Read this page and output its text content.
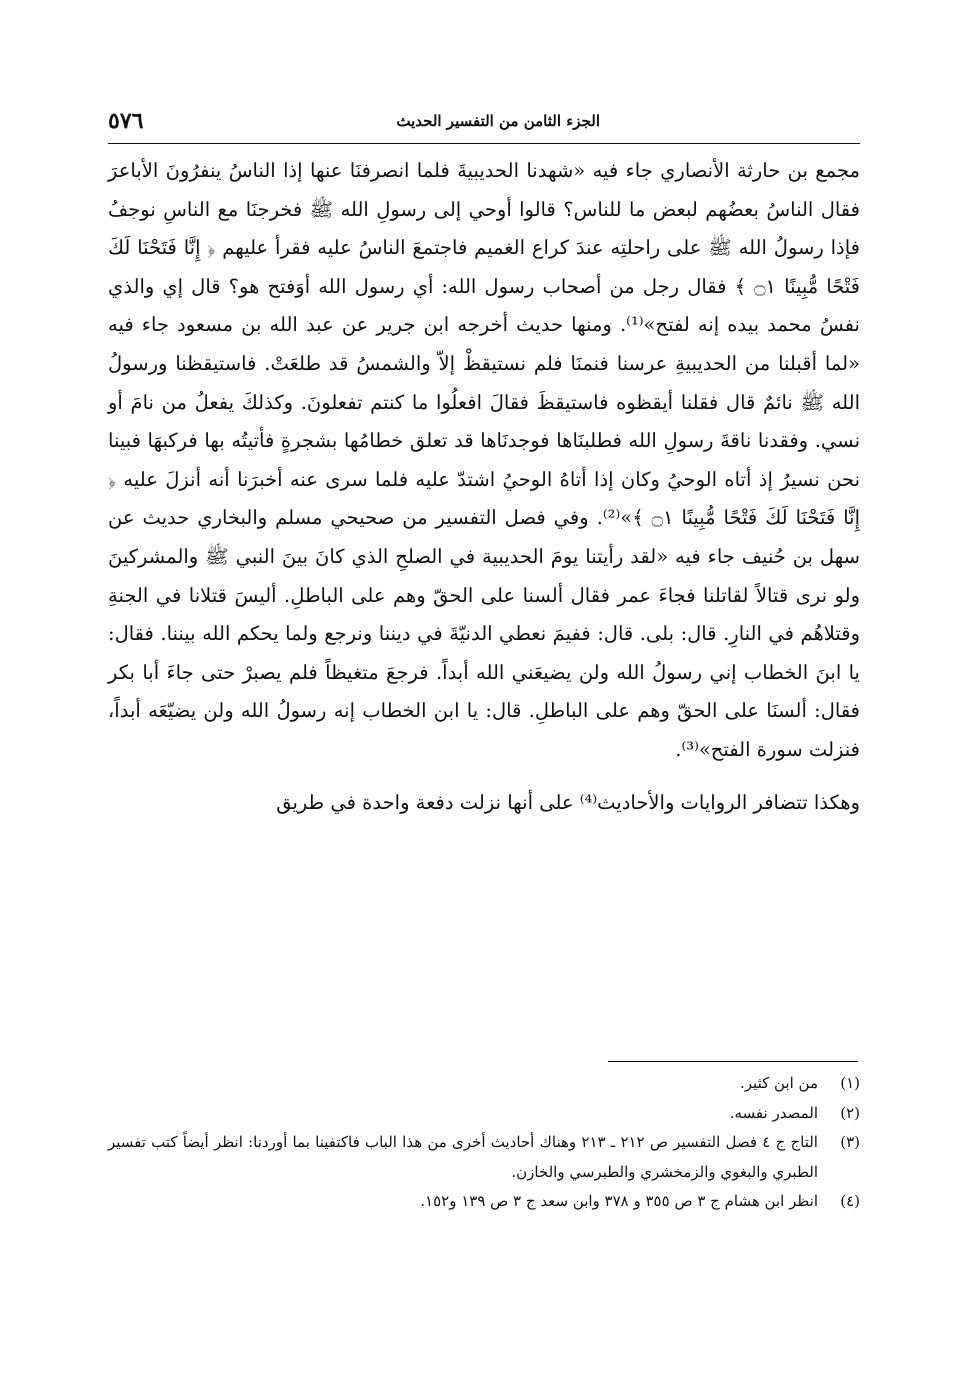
الجزء الثامن من التفسير الحديث
٥٧٦

مجمع بن حارثة الأنصاري جاء فيه «شهدنا الحديبيةَ فلما انصرفنَا عنها إذا الناسُ ينفرُونَ الأباعرَ فقال الناسُ بعضُهم لبعض ما للناس؟ قالوا أوحي إلى رسولِ الله ﷺ فخرجنَا مع الناسِ نوجفُ فإذا رسولُ الله ﷺ على راحلتِه عندَ كراع الغميم فاجتمعَ الناسُ عليه فقرأ عليهم ﴿ إِنَّا فَتَحْنَا لَكَ فَتْحًا مُّبِينًا ۝١ ﴾ فقال رجل من أصحاب رسول الله: أي رسول الله أوَفتح هو؟ قال إي والذي نفسُ محمد بيده إنه لفتح»⁽¹⁾. ومنها حديث أخرجه ابن جرير عن عبد الله بن مسعود جاء فيه «لما أقبلنا من الحديبيةِ عرسنا فنمنَا فلم نستيقظْ إلاّ والشمسُ قد طلعَتْ. فاستيقظنا ورسولُ الله ﷺ نائمٌ قال فقلنا أيقظوه فاستيقظَ فقالَ افعلُوا ما كنتم تفعلونَ. وكذلكَ يفعلُ من نامَ أو نسي. وفقدنا ناقةَ رسولِ الله فطلبنَاها فوجدنَاها قد تعلق خطامُها بشجرةٍ فأتيتُه بها فركبهَا فبينا نحن نسيرُ إذ أتاه الوحيُ وكان إذا أتاهُ الوحيُ اشتدّ عليه فلما سرى عنه أخبرَنا أنه أنزلَ عليه ﴿ إِنَّا فَتَحْنَا لَكَ فَتْحًا مُّبِينًا ۝١ ﴾»⁽²⁾. وفي فصل التفسير من صحيحي مسلم والبخاري حديث عن سهل بن حُنيف جاء فيه «لقد رأيتنا يومَ الحديبية في الصلحِ الذي كانَ بينَ النبي ﷺ والمشركينَ ولو نرى قتالاً لقاتلنا فجاءَ عمر فقال ألسنا على الحقّ وهم على الباطلِ. أليسَ قتلانا في الجنةِ وقتلاهُم في النارِ. قال: بلى. قال: ففيمَ نعطي الدنيّةَ في ديننا ونرجع ولما يحكم الله بيننا. فقال: يا ابنَ الخطاب إني رسولُ الله ولن يضيعَني الله أبداً. فرجعَ متغيظاً فلم يصبرْ حتى جاءَ أبا بكر فقال: ألسنَا على الحقّ وهم على الباطلِ. قال: يا ابن الخطاب إنه رسولُ الله ولن يضيّعَه أبداً، فنزلت سورة الفتح»⁽³⁾.

وهكذا تتضافر الروايات والأحاديث⁽⁴⁾ على أنها نزلت دفعة واحدة في طريق

(١)
من ابن كثير.
(٢)
المصدر نفسه.
(٣)
التاج ج ٤ فصل التفسير ص ٢١٢ ـ ٢١٣ وهناك أحاديث أخرى من هذا الباب فاكتفينا بما أوردنا: انظر أيضاً كتب تفسير الطبري والبغوي والزمخشري والطبرسي والخازن.
(٤)
انظر ابن هشام ج ٣ ص ٣٥٥ و ٣٧٨ وابن سعد ج ٣ ص ١٣٩ و١٥٢.
